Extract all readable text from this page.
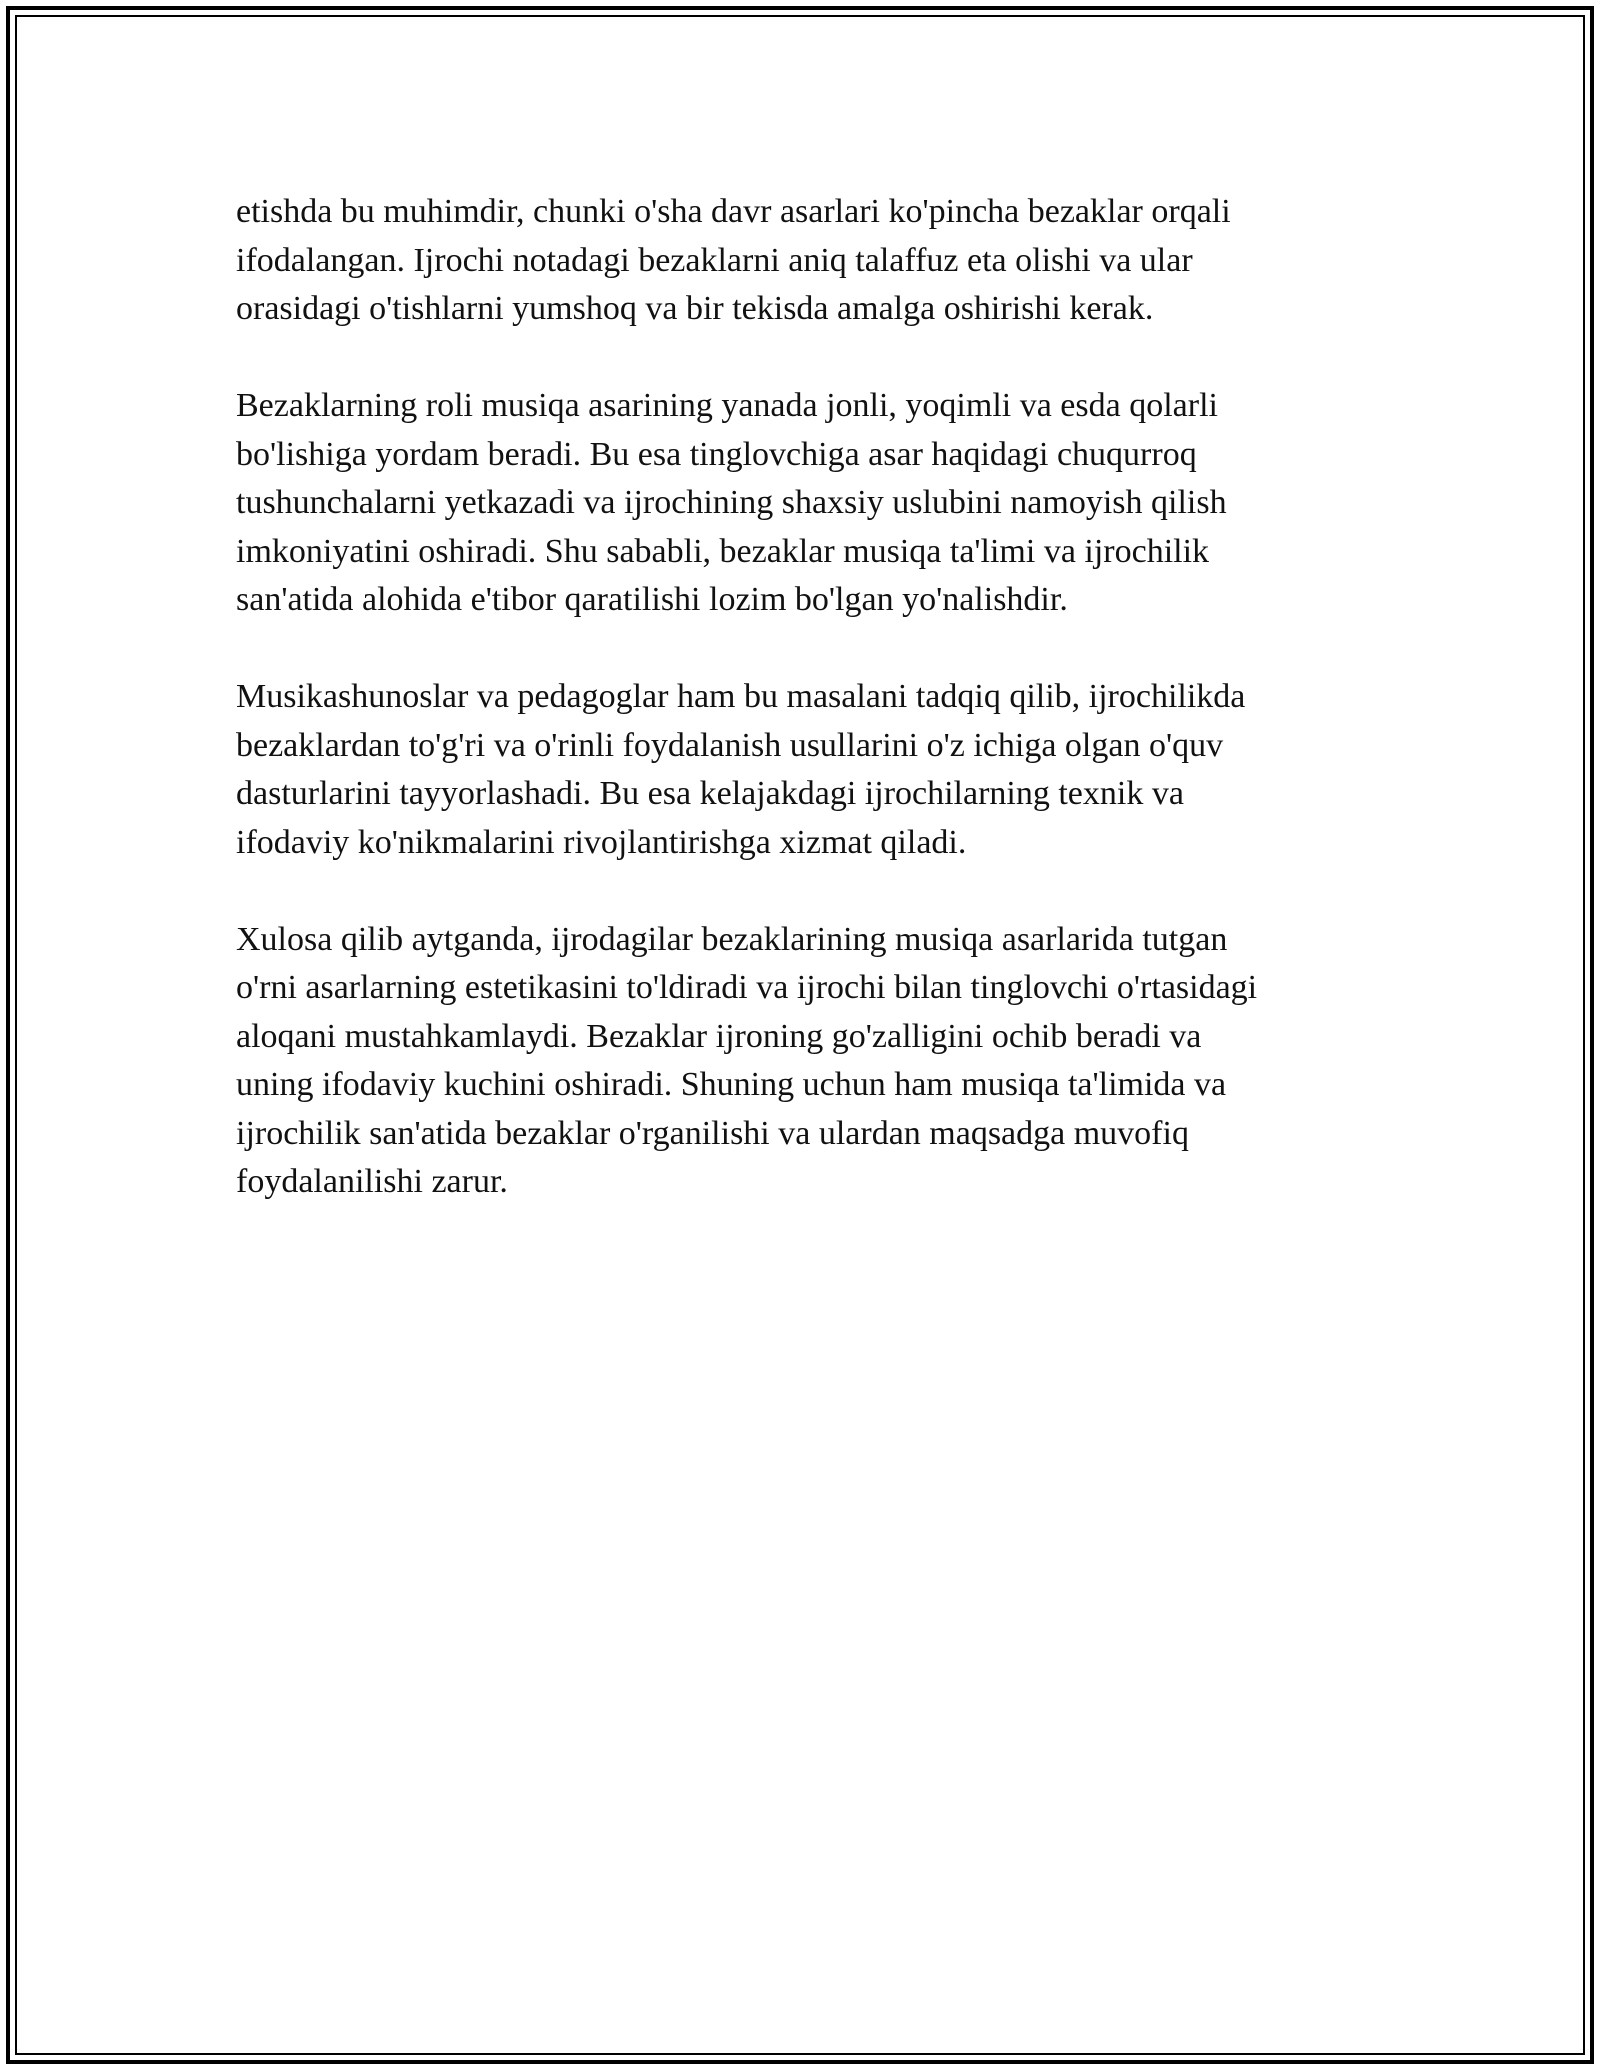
etishda bu muhimdir, chunki o'sha davr asarlari ko'pincha bezaklar orqali
ifodalangan. Ijrochi notadagi bezaklarni aniq talaffuz eta olishi va ular
orasidagi o'tishlarni yumshoq va bir tekisda amalga oshirishi kerak.

Bezaklarning roli musiqa asarining yanada jonli, yoqimli va esda qolarli
bo'lishiga yordam beradi. Bu esa tinglovchiga asar haqidagi chuqurroq
tushunchalarni yetkazadi va ijrochining shaxsiy uslubini namoyish qilish
imkoniyatini oshiradi. Shu sababli, bezaklar musiqa ta'limi va ijrochilik
san'atida alohida e'tibor qaratilishi lozim bo'lgan yo'nalishdir.

Musikashunoslar va pedagoglar ham bu masalani tadqiq qilib, ijrochilikda
bezaklardan to'g'ri va o'rinli foydalanish usullarini o'z ichiga olgan o'quv
dasturlarini tayyorlashadi. Bu esa kelajakdagi ijrochilarning texnik va
ifodaviy ko'nikmalarini rivojlantirishga xizmat qiladi.

Xulosa qilib aytganda, ijrodagilar bezaklarining musiqa asarlarida tutgan
o'rni asarlarning estetikasini to'ldiradi va ijrochi bilan tinglovchi o'rtasidagi
aloqani mustahkamlaydi. Bezaklar ijroning go'zalligini ochib beradi va
uning ifodaviy kuchini oshiradi. Shuning uchun ham musiqa ta'limida va
ijrochilik san'atida bezaklar o'rganilishi va ulardan maqsadga muvofiq
foydalanilishi zarur.
